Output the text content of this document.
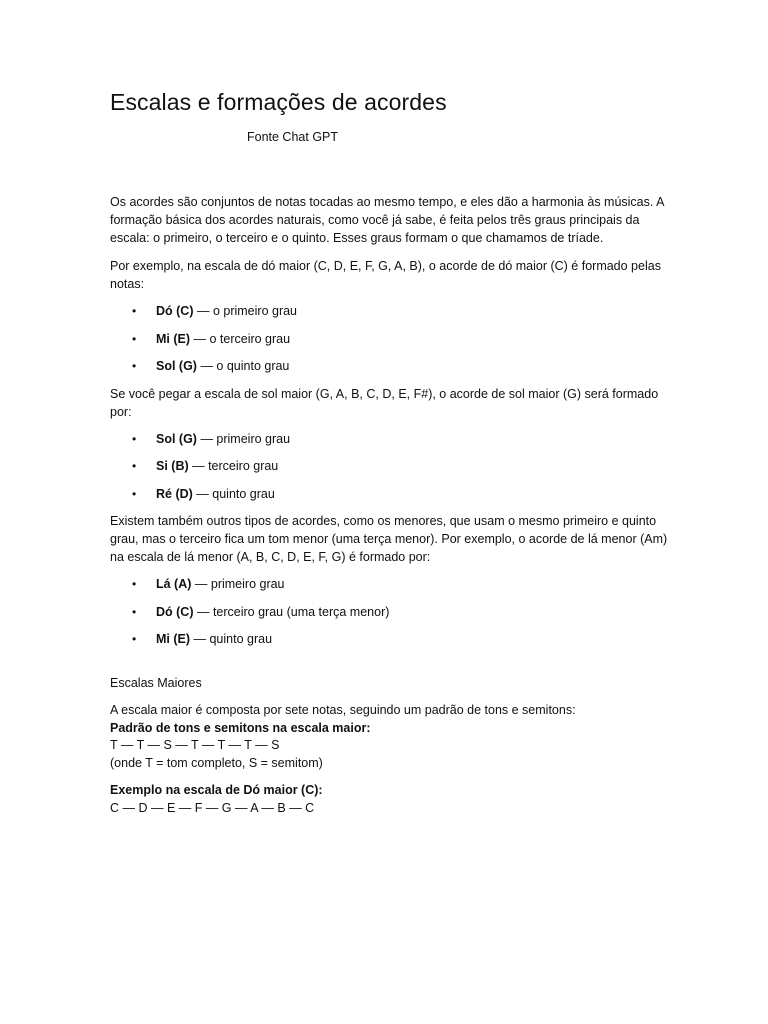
Escalas e formações de acordes
Fonte Chat GPT

Os acordes são conjuntos de notas tocadas ao mesmo tempo, e eles dão a harmonia às músicas. A formação básica dos acordes naturais, como você já sabe, é feita pelos três graus principais da escala: o primeiro, o terceiro e o quinto. Esses graus formam o que chamamos de tríade.

Por exemplo, na escala de dó maior (C, D, E, F, G, A, B), o acorde de dó maior (C) é formado pelas notas:

• Dó (C) — o primeiro grau
• Mi (E) — o terceiro grau
• Sol (G) — o quinto grau

Se você pegar a escala de sol maior (G, A, B, C, D, E, F#), o acorde de sol maior (G) será formado por:

• Sol (G) — primeiro grau
• Si (B) — terceiro grau
• Ré (D) — quinto grau

Existem também outros tipos de acordes, como os menores, que usam o mesmo primeiro e quinto grau, mas o terceiro fica um tom menor (uma terça menor). Por exemplo, o acorde de lá menor (Am) na escala de lá menor (A, B, C, D, E, F, G) é formado por:

• Lá (A) — primeiro grau
• Dó (C) — terceiro grau (uma terça menor)
• Mi (E) — quinto grau

Escalas Maiores

A escala maior é composta por sete notas, seguindo um padrão de tons e semitons:

Padrão de tons e semitons na escala maior:

T — T — S — T — T — T — S

(onde T = tom completo, S = semitom)

Exemplo na escala de Dó maior (C):

C — D — E — F — G — A — B — C
